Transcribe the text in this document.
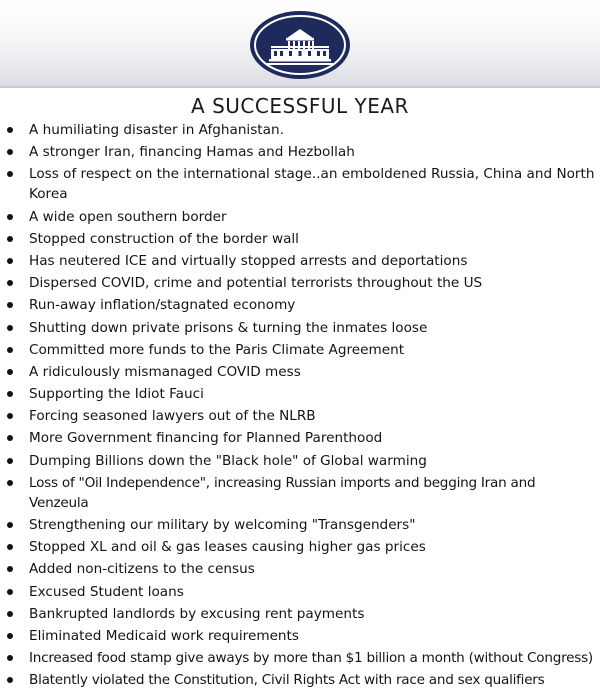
A SUCCESSFUL YEAR
A humiliating disaster in Afghanistan.
A stronger Iran, financing Hamas and Hezbollah
Loss of respect on the international stage..an emboldened Russia, China and North Korea
A wide open southern border
Stopped construction of the border wall
Has neutered ICE and virtually stopped arrests and deportations
Dispersed COVID, crime and potential terrorists throughout the US
Run-away inflation/stagnated economy
Shutting down private prisons & turning the inmates loose
Committed more funds to the Paris Climate Agreement
A ridiculously mismanaged COVID mess
Supporting the Idiot Fauci
Forcing seasoned lawyers out of the NLRB
More Government financing for Planned Parenthood
Dumping Billions down the "Black hole" of Global warming
Loss of "Oil Independence", increasing Russian imports and begging Iran and Venzeula
Strengthening our military by welcoming "Transgenders"
Stopped XL and oil & gas leases causing higher gas prices
Added non-citizens to the census
Excused Student loans
Bankrupted landlords by excusing rent payments
Eliminated Medicaid work requirements
Increased food stamp give aways by more than $1 billion a month (without Congress)
Blatently violated the Constitution, Civil Rights Act with race and sex qualifiers
